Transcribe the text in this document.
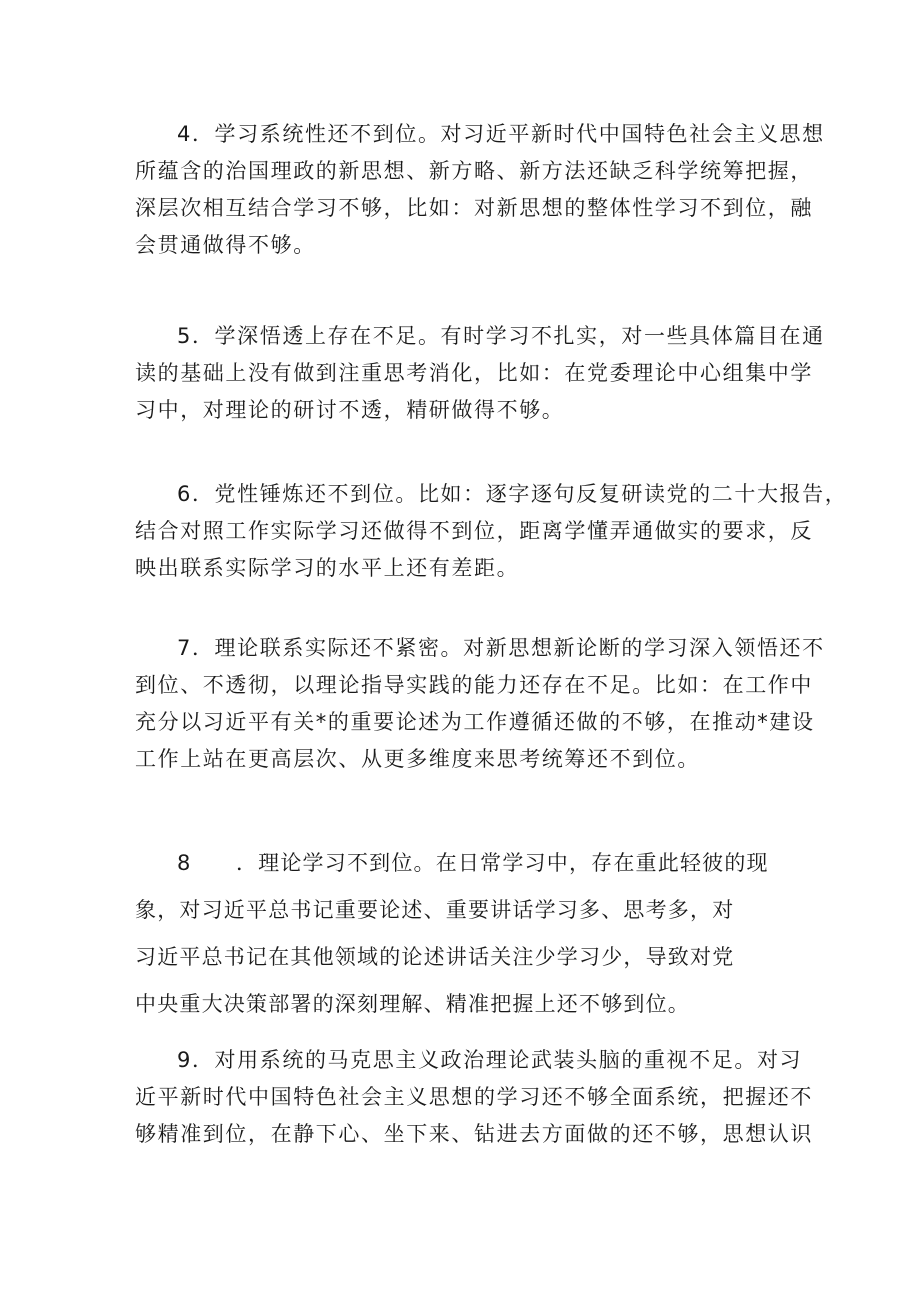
4．学习系统性还不到位。对习近平新时代中国特色社会主义思想
所蕴含的治国理政的新思想、新方略、新方法还缺乏科学统筹把握，
深层次相互结合学习不够，比如：对新思想的整体性学习不到位，融
会贯通做得不够。
5．学深悟透上存在不足。有时学习不扎实，对一些具体篇目在通
读的基础上没有做到注重思考消化，比如：在党委理论中心组集中学
习中，对理论的研讨不透，精研做得不够。
6．党性锤炼还不到位。比如：逐字逐句反复研读党的二十大报告，
结合对照工作实际学习还做得不到位，距离学懂弄通做实的要求，反
映出联系实际学习的水平上还有差距。
7．理论联系实际还不紧密。对新思想新论断的学习深入领悟还不
到位、不透彻，以理论指导实践的能力还存在不足。比如：在工作中
充分以习近平有关*的重要论述为工作遵循还做的不够，在推动*建设
工作上站在更高层次、从更多维度来思考统筹还不到位。
8　　．理论学习不到位。在日常学习中，存在重此轻彼的现
象，对习近平总书记重要论述、重要讲话学习多、思考多，对
习近平总书记在其他领域的论述讲话关注少学习少，导致对党
中央重大决策部署的深刻理解、精准把握上还不够到位。
9．对用系统的马克思主义政治理论武装头脑的重视不足。对习
近平新时代中国特色社会主义思想的学习还不够全面系统，把握还不
够精准到位，在静下心、坐下来、钻进去方面做的还不够，思想认识
